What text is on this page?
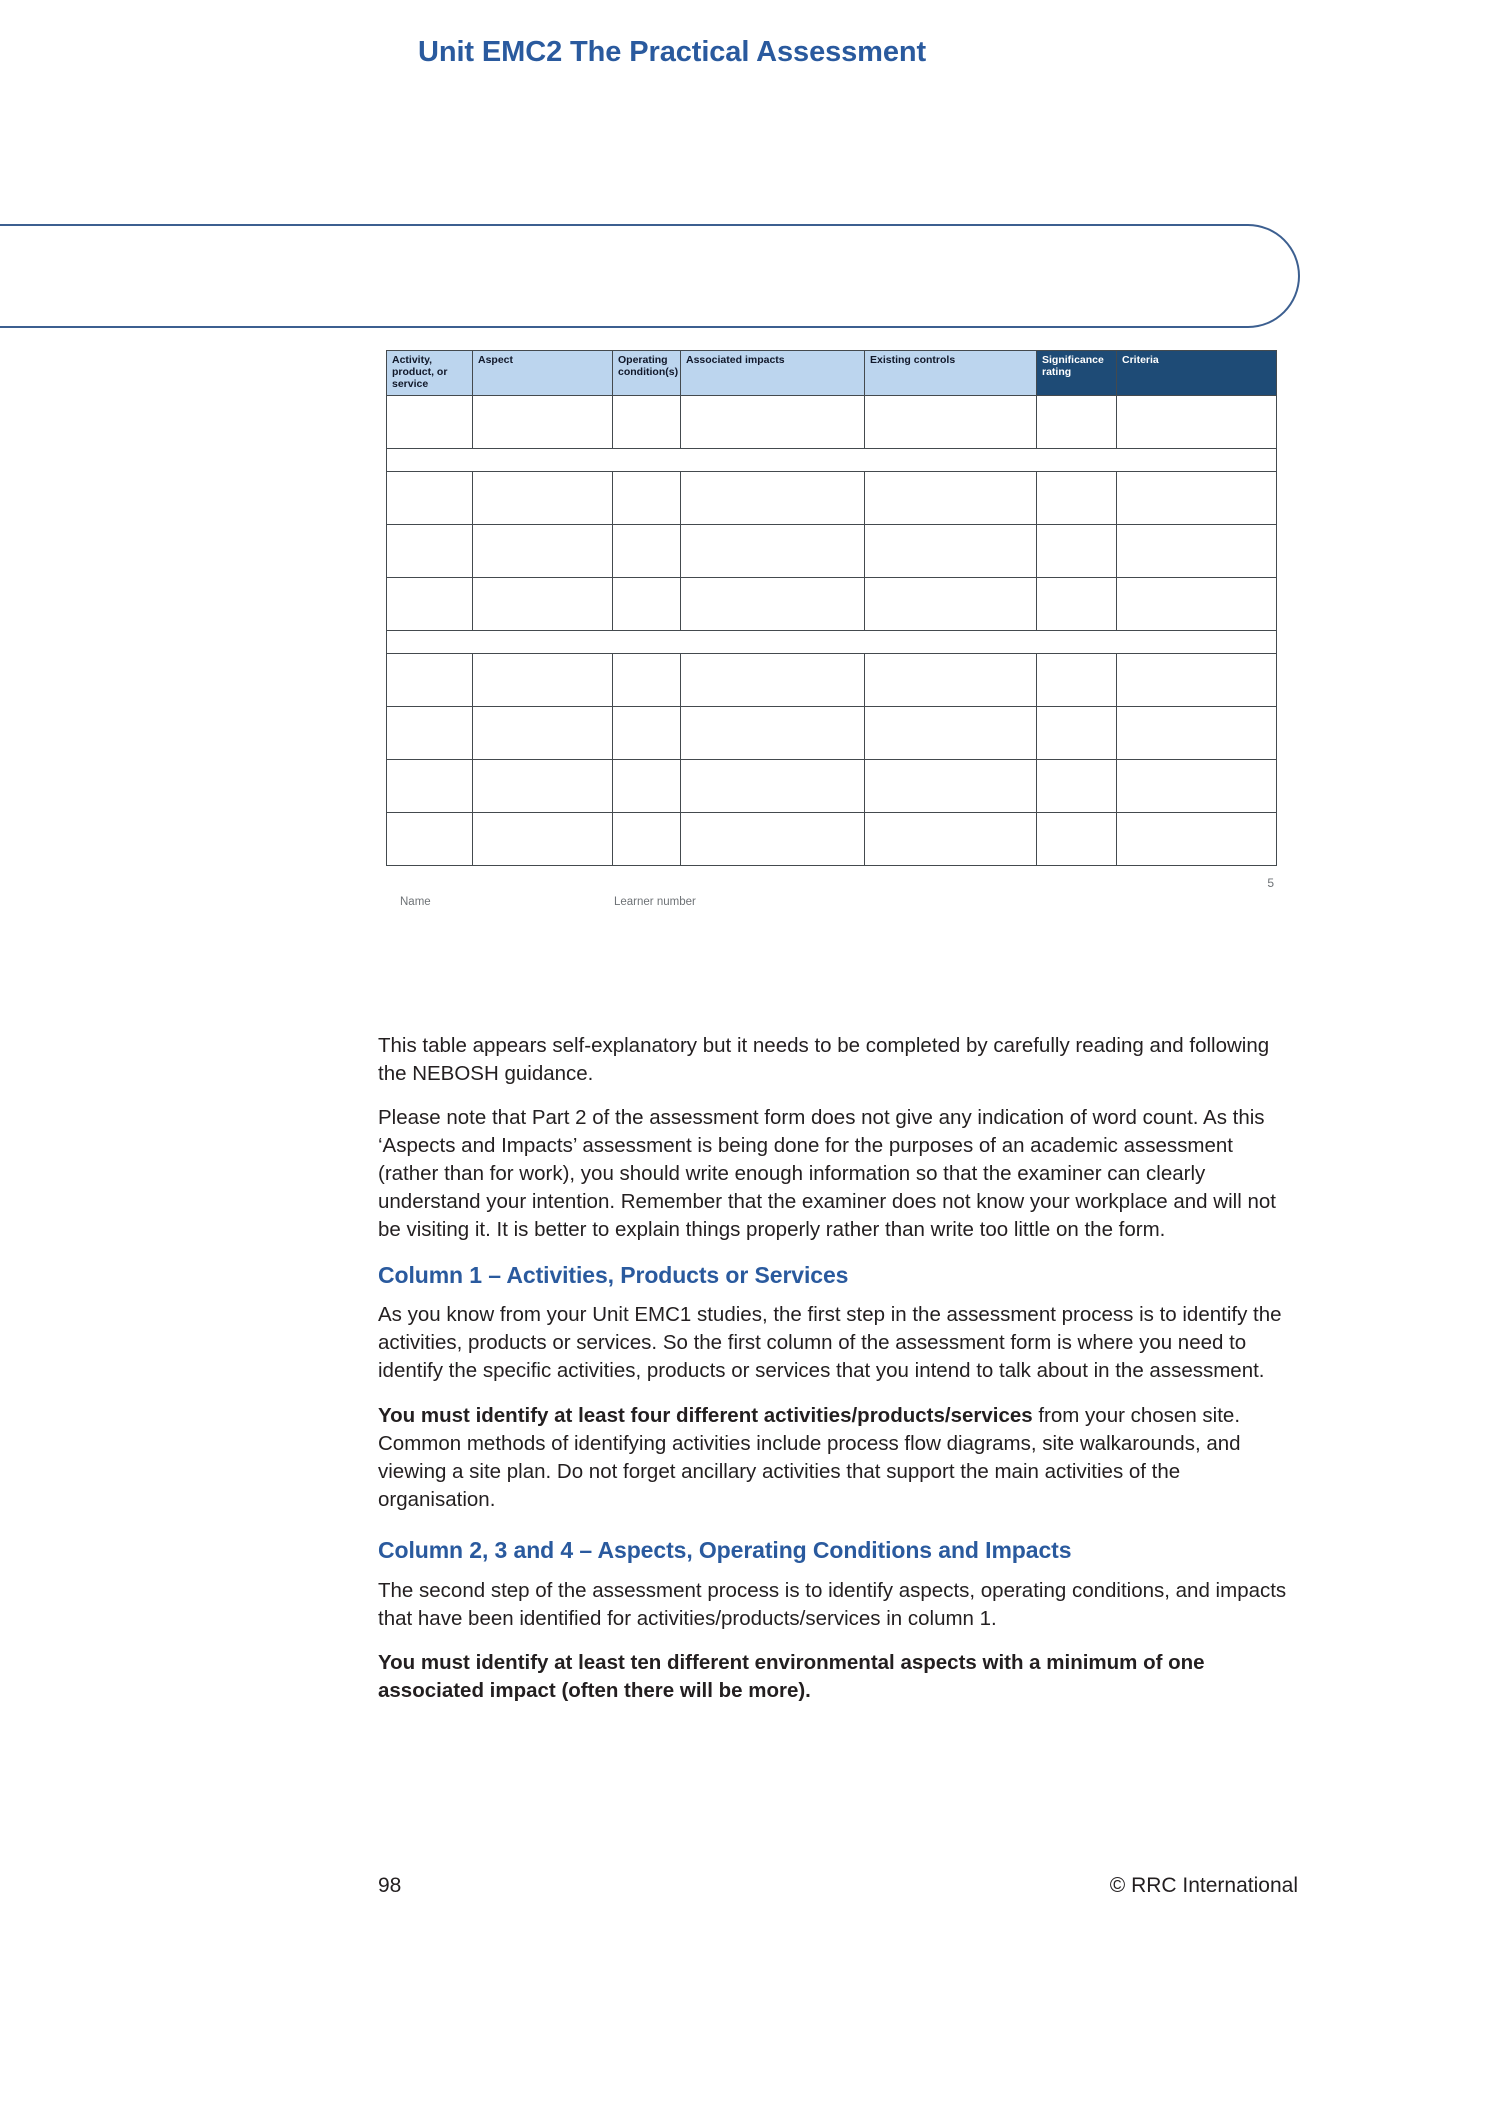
Unit EMC2 The Practical Assessment
Activity, product, or service	Aspect	Operating condition(s)	Associated impacts	Existing controls	Significance rating	Criteria

5
Name	Learner number

This table appears self-explanatory but it needs to be completed by carefully reading and following the NEBOSH guidance.

Please note that Part 2 of the assessment form does not give any indication of word count. As this ‘Aspects and Impacts’ assessment is being done for the purposes of an academic assessment (rather than for work), you should write enough information so that the examiner can clearly understand your intention. Remember that the examiner does not know your workplace and will not be visiting it. It is better to explain things properly rather than write too little on the form.

Column 1 – Activities, Products or Services

As you know from your Unit EMC1 studies, the first step in the assessment process is to identify the activities, products or services. So the first column of the assessment form is where you need to identify the specific activities, products or services that you intend to talk about in the assessment.

You must identify at least four different activities/products/services from your chosen site. Common methods of identifying activities include process flow diagrams, site walkarounds, and viewing a site plan. Do not forget ancillary activities that support the main activities of the organisation.

Column 2, 3 and 4 – Aspects, Operating Conditions and Impacts

The second step of the assessment process is to identify aspects, operating conditions, and impacts that have been identified for activities/products/services in column 1.

You must identify at least ten different environmental aspects with a minimum of one associated impact (often there will be more).

98	© RRC International
